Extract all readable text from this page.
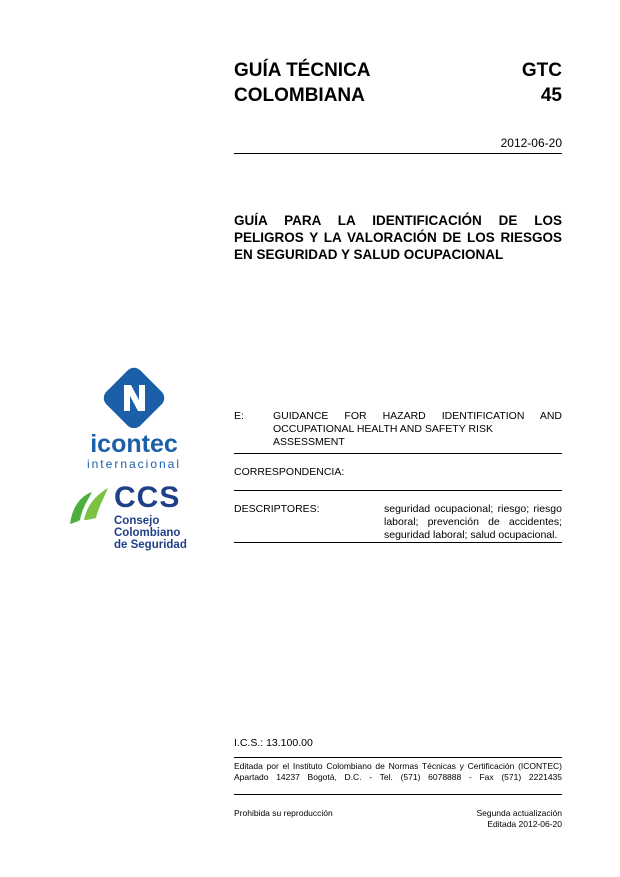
GUÍA TÉCNICA
COLOMBIANA
GTC
45
2012-06-20
GUÍA PARA LA IDENTIFICACIÓN DE LOS PELIGROS Y LA VALORACIÓN DE LOS RIESGOS EN SEGURIDAD Y SALUD OCUPACIONAL
icontec
internacional
CCS
Consejo Colombiano
de Seguridad
E:	GUIDANCE FOR HAZARD IDENTIFICATION AND
OCCUPATIONAL HEALTH AND SAFETY RISK ASSESSMENT
CORRESPONDENCIA:
DESCRIPTORES:	seguridad ocupacional; riesgo; riesgo
laboral; prevención de accidentes;
seguridad laboral; salud ocupacional.
I.C.S.: 13.100.00
Editada por el Instituto Colombiano de Normas Técnicas y Certificación (ICONTEC)
Apartado 14237 Bogotá, D.C. - Tel. (571) 6078888 - Fax (571) 2221435
Prohibida su reproducción	Segunda actualización
Editada 2012-06-20
